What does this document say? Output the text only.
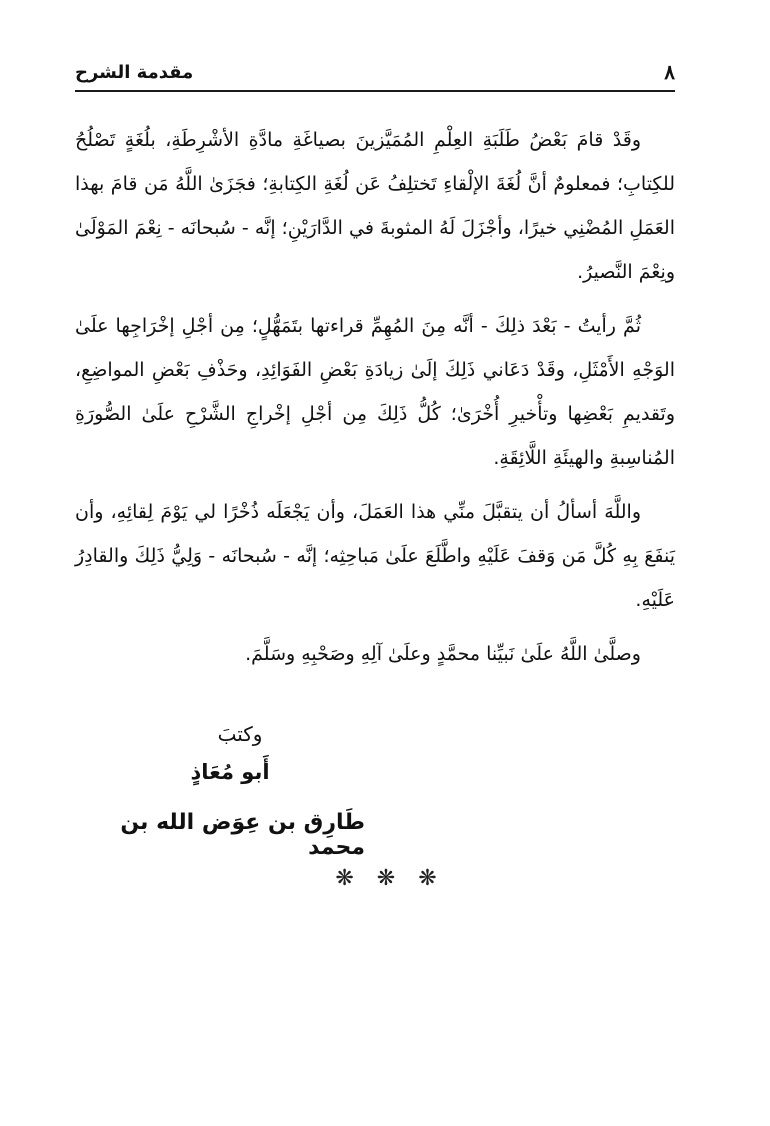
مقدمة الشرح	٨

وقَدْ قامَ بَعْضُ طَلَبَةِ العِلْمِ المُمَيَّزينَ بصياغَةِ مادَّةِ الأشْرِطَةِ، بلُغَةٍ تَصْلُحُ للكِتابِ؛ فمعلومٌ أنَّ لُغَةَ الإلْقاءِ تَختلِفُ عَن لُغَةِ الكِتابةِ؛ فجَزَىٰ اللَّهُ مَن قامَ بهذا العَمَلِ المُضْنِي خيرًا، وأجْزَلَ لَهُ المثوبةَ في الدَّارَيْنِ؛ إنَّه - سُبحانَه - نِعْمَ المَوْلَىٰ ونِعْمَ النَّصيرُ.

ثُمَّ رأيتُ - بَعْدَ ذلِكَ - أنَّه مِنَ المُهِمِّ قراءتها بتَمَهُّلٍ؛ مِن أجْلِ إخْرَاجِها علَىٰ الوَجْهِ الأَمْثَلِ، وقَدْ دَعَاني ذَلِكَ إلَىٰ زيادَةِ بَعْضِ الفَوَائِدِ، وحَذْفِ بَعْضِ المواضِعِ، وتَقديمِ بَعْضِها وتأْخيرِ أُخْرَىٰ؛ كُلُّ ذَلِكَ مِن أجْلِ إخْراجِ الشَّرْحِ علَىٰ الصُّورَةِ المُناسِبةِ والهيئَةِ اللَّائِقَةِ.

واللَّهَ أسألُ أن يتقبَّلَ منِّي هذا العَمَلَ، وأن يَجْعَلَه ذُخْرًا لي يَوْمَ لِقائِهِ، وأن يَنفَعَ بِهِ كُلَّ مَن وَقفَ عَلَيْهِ واطَّلَعَ علَىٰ مَباحِثِه؛ إنَّه - سُبحانَه - وَلِيُّ ذَلِكَ والقادِرُ عَلَيْهِ.

وصلَّىٰ اللَّهُ علَىٰ نَبيِّنا محمَّدٍ وعلَىٰ آلِهِ وصَحْبِهِ وسَلَّمَ.

وكتبَ
أَبو مُعَاذٍ
طَارِق بن عِوَض الله بن محمد
❋ ❋ ❋
